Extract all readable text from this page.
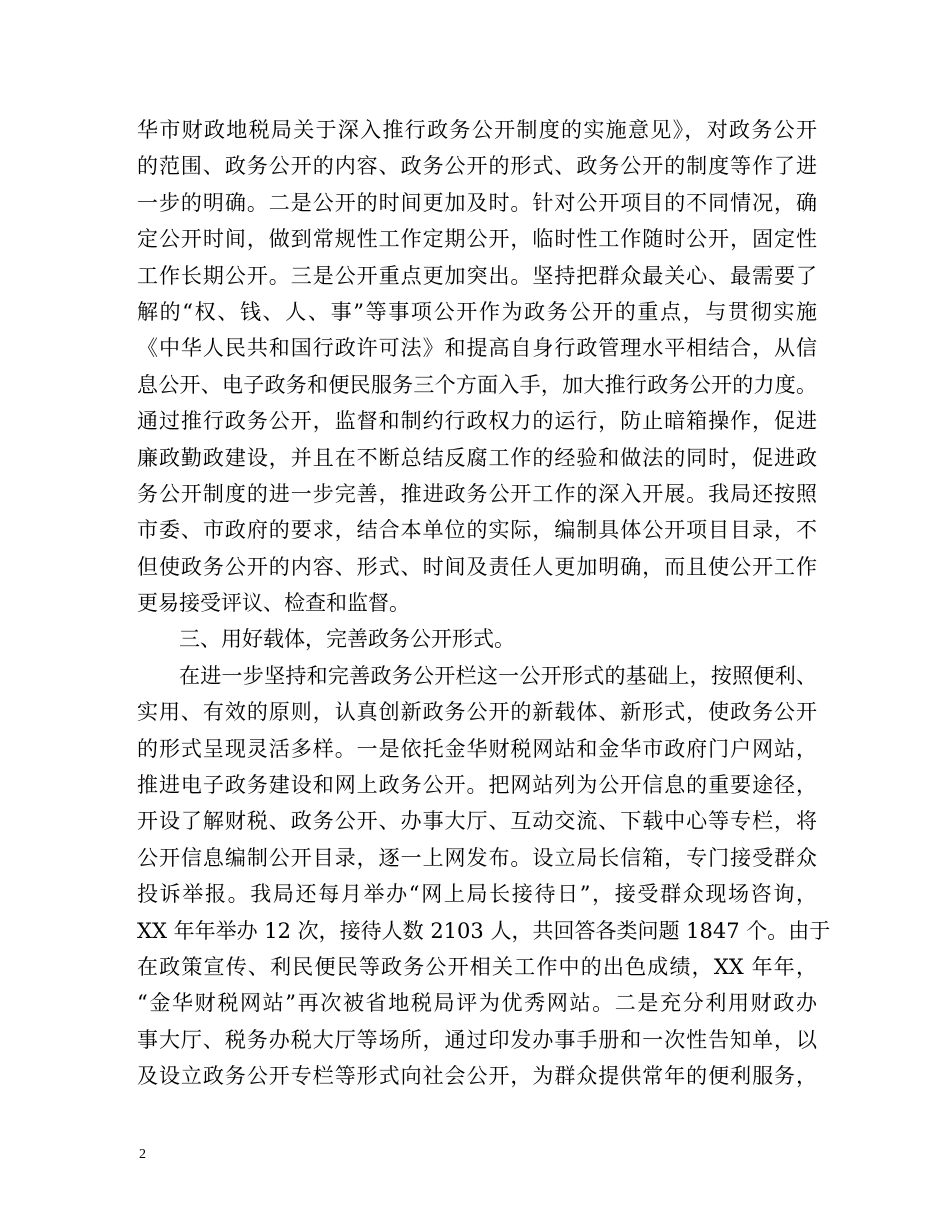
华市财政地税局关于深入推行政务公开制度的实施意见》，对政务公开
的范围、政务公开的内容、政务公开的形式、政务公开的制度等作了进
一步的明确。二是公开的时间更加及时。针对公开项目的不同情况，确
定公开时间，做到常规性工作定期公开，临时性工作随时公开，固定性
工作长期公开。三是公开重点更加突出。坚持把群众最关心、最需要了
解的“权、钱、人、事”等事项公开作为政务公开的重点，与贯彻实施
《中华人民共和国行政许可法》和提高自身行政管理水平相结合，从信
息公开、电子政务和便民服务三个方面入手，加大推行政务公开的力度。
通过推行政务公开，监督和制约行政权力的运行，防止暗箱操作，促进
廉政勤政建设，并且在不断总结反腐工作的经验和做法的同时，促进政
务公开制度的进一步完善，推进政务公开工作的深入开展。我局还按照
市委、市政府的要求，结合本单位的实际，编制具体公开项目目录，不
但使政务公开的内容、形式、时间及责任人更加明确，而且使公开工作
更易接受评议、检查和监督。
三、用好载体，完善政务公开形式。
在进一步坚持和完善政务公开栏这一公开形式的基础上，按照便利、
实用、有效的原则，认真创新政务公开的新载体、新形式，使政务公开
的形式呈现灵活多样。一是依托金华财税网站和金华市政府门户网站，
推进电子政务建设和网上政务公开。把网站列为公开信息的重要途径，
开设了解财税、政务公开、办事大厅、互动交流、下载中心等专栏，将
公开信息编制公开目录，逐一上网发布。设立局长信箱，专门接受群众
投诉举报。我局还每月举办“网上局长接待日”，接受群众现场咨询，
XX 年年举办 12 次，接待人数 2103 人，共回答各类问题 1847 个。由于
在政策宣传、利民便民等政务公开相关工作中的出色成绩，XX 年年，
“金华财税网站”再次被省地税局评为优秀网站。二是充分利用财政办
事大厅、税务办税大厅等场所，通过印发办事手册和一次性告知单，以
及设立政务公开专栏等形式向社会公开，为群众提供常年的便利服务，
2
